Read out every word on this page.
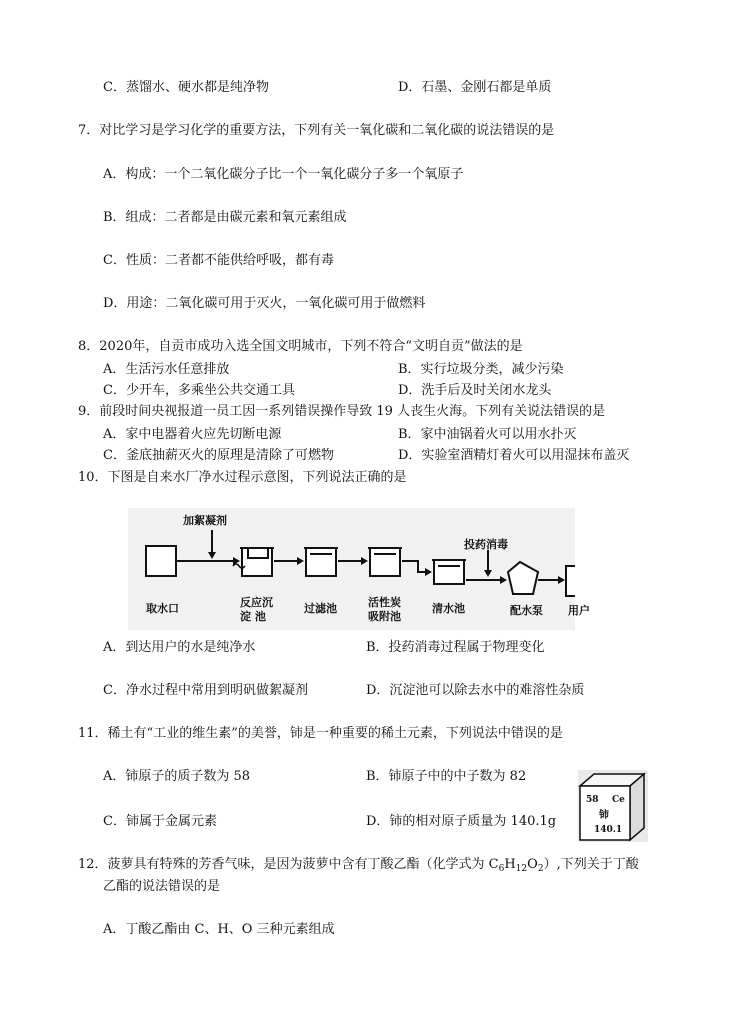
C．蒸馏水、硬水都是纯净物	D．石墨、金刚石都是单质
7．对比学习是学习化学的重要方法，下列有关一氧化碳和二氧化碳的说法错误的是
A．构成：一个二氧化碳分子比一个一氧化碳分子多一个氧原子
B．组成：二者都是由碳元素和氧元素组成
C．性质：二者都不能供给呼吸，都有毒
D．用途：二氧化碳可用于灭火，一氧化碳可用于做燃料
8．2020年，自贡市成功入选全国文明城市，下列不符合“文明自贡”做法的是
A．生活污水任意排放	B．实行垃圾分类，减少污染
C．少开车，多乘坐公共交通工具	D．洗手后及时关闭水龙头
9．前段时间央视报道一员工因一系列错误操作导致 19 人丧生火海。下列有关说法错误的是
A．家中电器着火应先切断电源	B．家中油锅着火可以用水扑灭
C．釜底抽薪灭火的原理是清除了可燃物	D．实验室酒精灯着火可以用湿抹布盖灭
10．下图是自来水厂净水过程示意图，下列说法正确的是
加絮凝剂
取水口	反应沉
淀 池
过滤池	活性炭
吸附池
清水池
投药消毒
配水泵 用户
A．到达用户的水是纯净水	B．投药消毒过程属于物理变化
C．净水过程中常用到明矾做絮凝剂	D．沉淀池可以除去水中的难溶性杂质
11．稀土有“工业的维生素”的美誉，铈是一种重要的稀土元素，下列说法中错误的是
A．铈原子的质子数为 58	B．铈原子中的中子数为 82
C．铈属于金属元素	D．铈的相对原子质量为 140.1g
58 Ce
铈
140.1
12．菠萝具有特殊的芳香气味，是因为菠萝中含有丁酸乙酯（化学式为 $C_6H_{12}O_2$）,下列关于丁酸
乙酯的说法错误的是
A．丁酸乙酯由 C、H、O 三种元素组成
